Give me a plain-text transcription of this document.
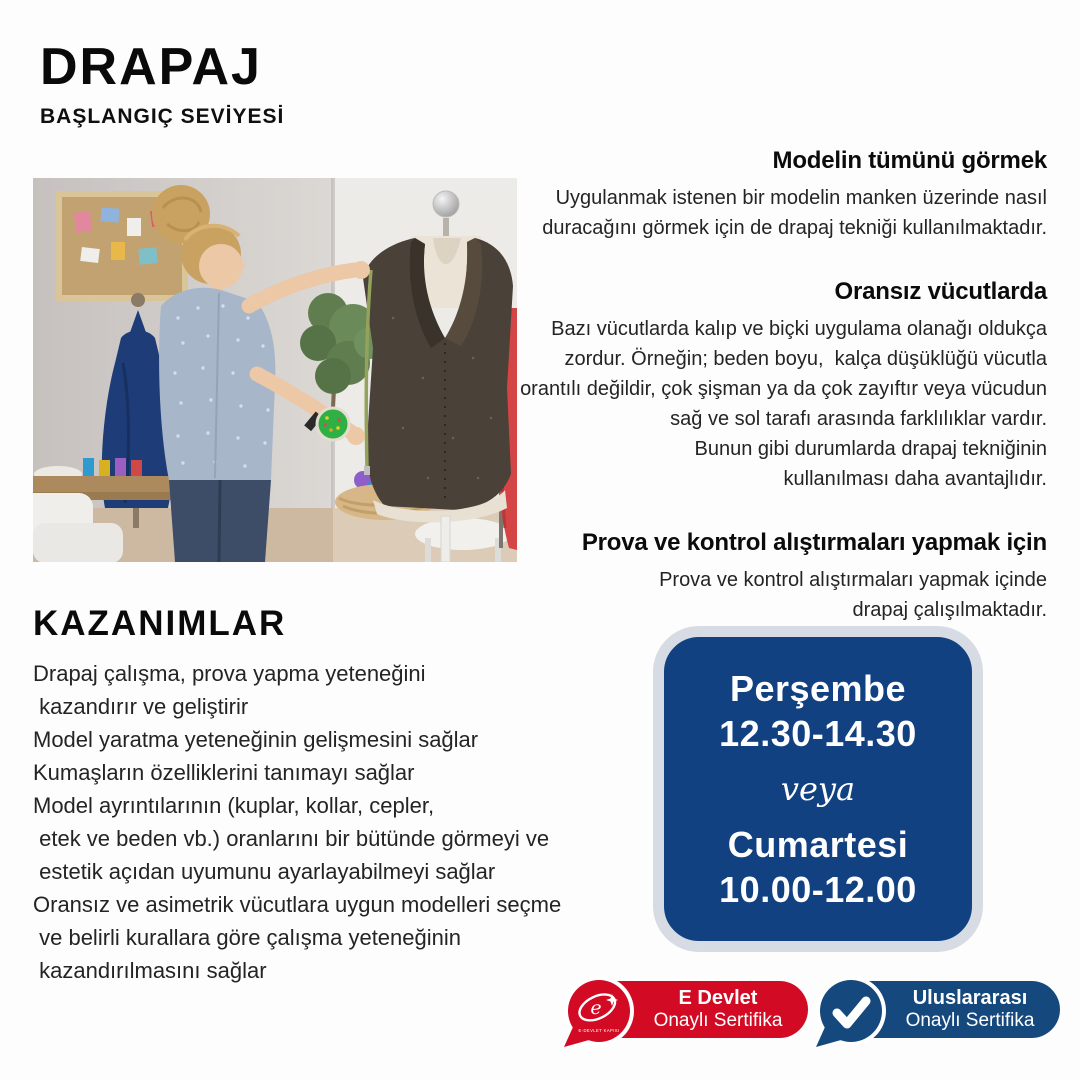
DRAPAJ
BAŞLANGIÇ SEVİYESİ
Modelin tümünü görmek
Uygulanmak istenen bir modelin manken üzerinde nasıl
duracağını görmek için de drapaj tekniği kullanılmaktadır.
Oransız vücutlarda
Bazı vücutlarda kalıp ve biçki uygulama olanağı oldukça
zordur. Örneğin; beden boyu,  kalça düşüklüğü vücutla
orantılı değildir, çok şişman ya da çok zayıftır veya vücudun
sağ ve sol tarafı arasında farklılıklar vardır.
Bunun gibi durumlarda drapaj tekniğinin
kullanılması daha avantajlıdır.
Prova ve kontrol alıştırmaları yapmak için
Prova ve kontrol alıştırmaları yapmak içinde
drapaj çalışılmaktadır.
KAZANIMLAR
Drapaj çalışma, prova yapma yeteneğini
kazandırır ve geliştirir
Model yaratma yeteneğinin gelişmesini sağlar
Kumaşların özelliklerini tanımayı sağlar
Model ayrıntılarının (kuplar, kollar, cepler,
etek ve beden vb.) oranlarını bir bütünde görmeyi ve
estetik açıdan uyumunu ayarlayabilmeyi sağlar
Oransız ve asimetrik vücutlara uygun modelleri seçme
ve belirli kurallara göre çalışma yeteneğinin
kazandırılmasını sağlar
Perşembe
12.30-14.30
veya
Cumartesi
10.00-12.00
E Devlet
Onaylı Sertifika
e
E-DEVLET KAPISI
Uluslararası
Onaylı Sertifika
